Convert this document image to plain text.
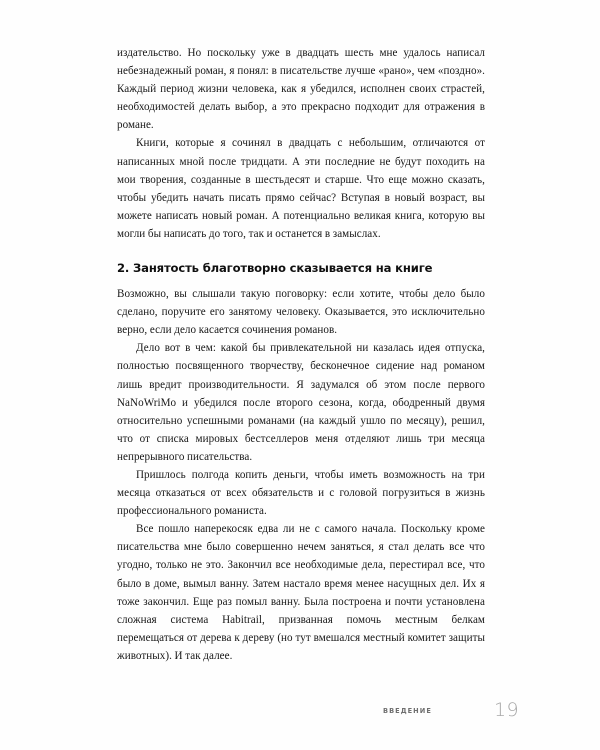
издательство. Но поскольку уже в двадцать шесть мне удалось написал небезнадежный роман, я понял: в писательстве лучше «рано», чем «поздно». Каждый период жизни человека, как я убедился, исполнен своих страстей, необходимостей делать выбор, а это прекрасно подходит для отражения в романе.

Книги, которые я сочинял в двадцать с небольшим, отличаются от написанных мной после тридцати. А эти последние не будут походить на мои творения, созданные в шестьдесят и старше. Что еще можно сказать, чтобы убедить начать писать прямо сейчас? Вступая в новый возраст, вы можете написать новый роман. А потенциально великая книга, которую вы могли бы написать до того, так и останется в замыслах.

2. Занятость благотворно сказывается на книге

Возможно, вы слышали такую поговорку: если хотите, чтобы дело было сделано, поручите его занятому человеку. Оказывается, это исключительно верно, если дело касается сочинения романов.

Дело вот в чем: какой бы привлекательной ни казалась идея отпуска, полностью посвященного творчеству, бесконечное сидение над романом лишь вредит производительности. Я задумался об этом после первого NaNoWriMo и убедился после второго сезона, когда, ободренный двумя относительно успешными романами (на каждый ушло по месяцу), решил, что от списка мировых бестселлеров меня отделяют лишь три месяца непрерывного писательства.

Пришлось полгода копить деньги, чтобы иметь возможность на три месяца отказаться от всех обязательств и с головой погрузиться в жизнь профессионального романиста.

Все пошло наперекосяк едва ли не с самого начала. Поскольку кроме писательства мне было совершенно нечем заняться, я стал делать все что угодно, только не это. Закончил все необходимые дела, перестирал все, что было в доме, вымыл ванну. Затем настало время менее насущных дел. Их я тоже закончил. Еще раз помыл ванну. Была построена и почти установлена сложная система Habitrail, призванная помочь местным белкам перемещаться от дерева к дереву (но тут вмешался местный комитет защиты животных). И так далее.

ВВЕДЕНИЕ	19
